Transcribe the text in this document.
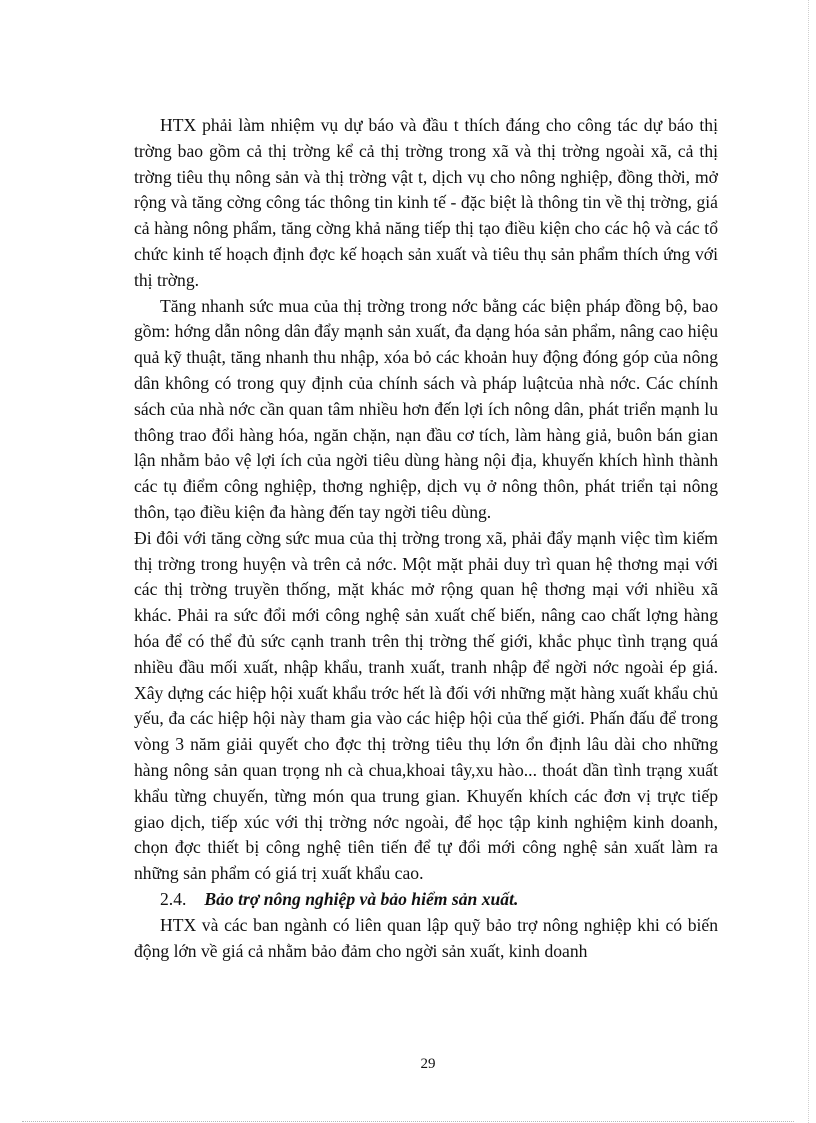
HTX phải làm nhiệm vụ dự báo và đầu t thích đáng cho công tác dự báo thị trờng bao gồm cả thị trờng kể cả thị trờng trong xã và thị trờng ngoài xã, cả thị trờng tiêu thụ nông sản và thị trờng vật t, dịch vụ cho nông nghiệp, đồng thời, mở rộng và tăng cờng công tác thông tin kinh tế - đặc biệt là thông tin về thị trờng, giá cả hàng nông phẩm, tăng cờng khả năng tiếp thị tạo điều kiện cho các hộ và các tổ chức kinh tế hoạch định đợc kế hoạch sản xuất và tiêu thụ sản phẩm thích ứng với thị trờng.

Tăng nhanh sức mua của thị trờng trong nớc bằng các biện pháp đồng bộ, bao gồm: hớng dẫn nông dân đẩy mạnh sản xuất, đa dạng hóa sản phẩm, nâng cao hiệu quả kỹ thuật, tăng nhanh thu nhập, xóa bỏ các khoản huy động đóng góp của nông dân không có trong quy định của chính sách và pháp luậtcủa nhà nớc. Các chính sách của nhà nớc cần quan tâm nhiều hơn đến lợi ích nông dân, phát triển mạnh lu thông trao đổi hàng hóa, ngăn chặn, nạn đầu cơ tích, làm hàng giả, buôn bán gian lận nhằm bảo vệ lợi ích của ngời tiêu dùng hàng nội địa, khuyến khích hình thành các tụ điểm công nghiệp, thơng nghiệp, dịch vụ ở nông thôn, phát triển tại nông thôn, tạo điều kiện đa hàng đến tay ngời tiêu dùng.

Đi đôi với tăng cờng sức mua của thị trờng trong xã, phải đẩy mạnh việc tìm kiếm thị trờng trong huyện và trên cả nớc. Một mặt phải duy trì quan hệ thơng mại với các thị trờng truyền thống, mặt khác mở rộng quan hệ thơng mại với nhiều xã khác. Phải ra sức đổi mới công nghệ sản xuất chế biến, nâng cao chất lợng hàng hóa để có thể đủ sức cạnh tranh trên thị trờng thế giới, khắc phục tình trạng quá nhiều đầu mối xuất, nhập khẩu, tranh xuất, tranh nhập để ngời nớc ngoài ép giá. Xây dựng các hiệp hội xuất khẩu trớc hết là đối với những mặt hàng xuất khẩu chủ yếu, đa các hiệp hội này tham gia vào các hiệp hội của thế giới. Phấn đấu để trong vòng 3 năm giải quyết cho đợc thị trờng tiêu thụ lớn ổn định lâu dài cho những hàng nông sản quan trọng nh cà chua,khoai tây,xu hào... thoát dần tình trạng xuất khẩu từng chuyến, từng món qua trung gian. Khuyến khích các đơn vị trực tiếp giao dịch, tiếp xúc với thị trờng nớc ngoài, để học tập kinh nghiệm kinh doanh, chọn đợc thiết bị công nghệ tiên tiến để tự đổi mới công nghệ sản xuất làm ra những sản phẩm có giá trị xuất khẩu cao.

2.4. Bảo trợ nông nghiệp và bảo hiểm sản xuất.

HTX và các ban ngành có liên quan lập quỹ bảo trợ nông nghiệp khi có biến động lớn về giá cả nhằm bảo đảm cho ngời sản xuất, kinh doanh

29
